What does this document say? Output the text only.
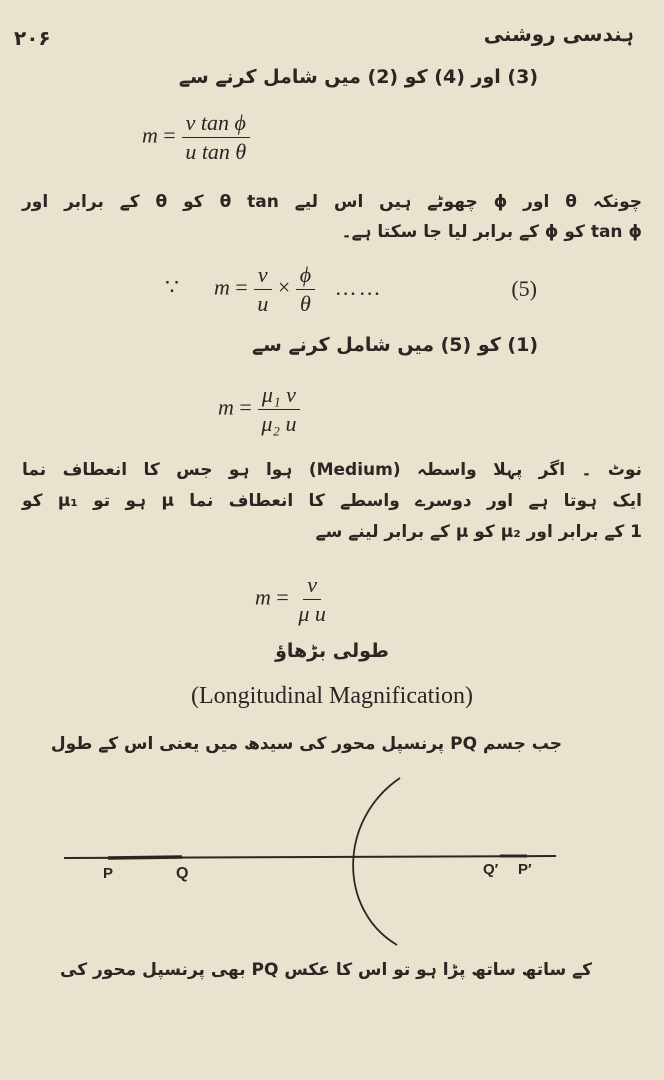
۲۰۶	ہندسی روشنی
(3) اور (4) کو (2) میں شامل کرنے سے
$m = \frac{\text{v tan ϕ}}{\text{u tan θ}}$
چونکہ θ اور ϕ چھوٹے ہیں اس لیے θ tan کو θ کے برابر اور
tan ϕ کو ϕ کے برابر لیا جا سکتا ہے۔
∵ $m = \frac{v}{u} \times \frac{\phi}{\theta}$ ……	(5)
(1) کو (5) میں شامل کرنے سے
$m = \frac{\text{μ₁ v}}{\text{μ₂ u}}$
نوٹ ۔ اگر پہلا واسطہ (Medium) ہوا ہو جس کا انعطاف نما
ایک ہوتا ہے اور دوسرے واسطے کا انعطاف نما μ ہو تو μ₁ کو
1 کے برابر اور μ₂ کو μ کے برابر لینے سے
$m = \frac{v}{\text{μ u}}$
طولی بڑھاؤ
(Longitudinal Magnification)
جب جسم PQ پرنسپل محور کی سیدھ میں یعنی اس کے طول
P	Q	Q′ P′
کے ساتھ ساتھ پڑا ہو تو اس کا عکس PQ بھی پرنسپل محور کی
